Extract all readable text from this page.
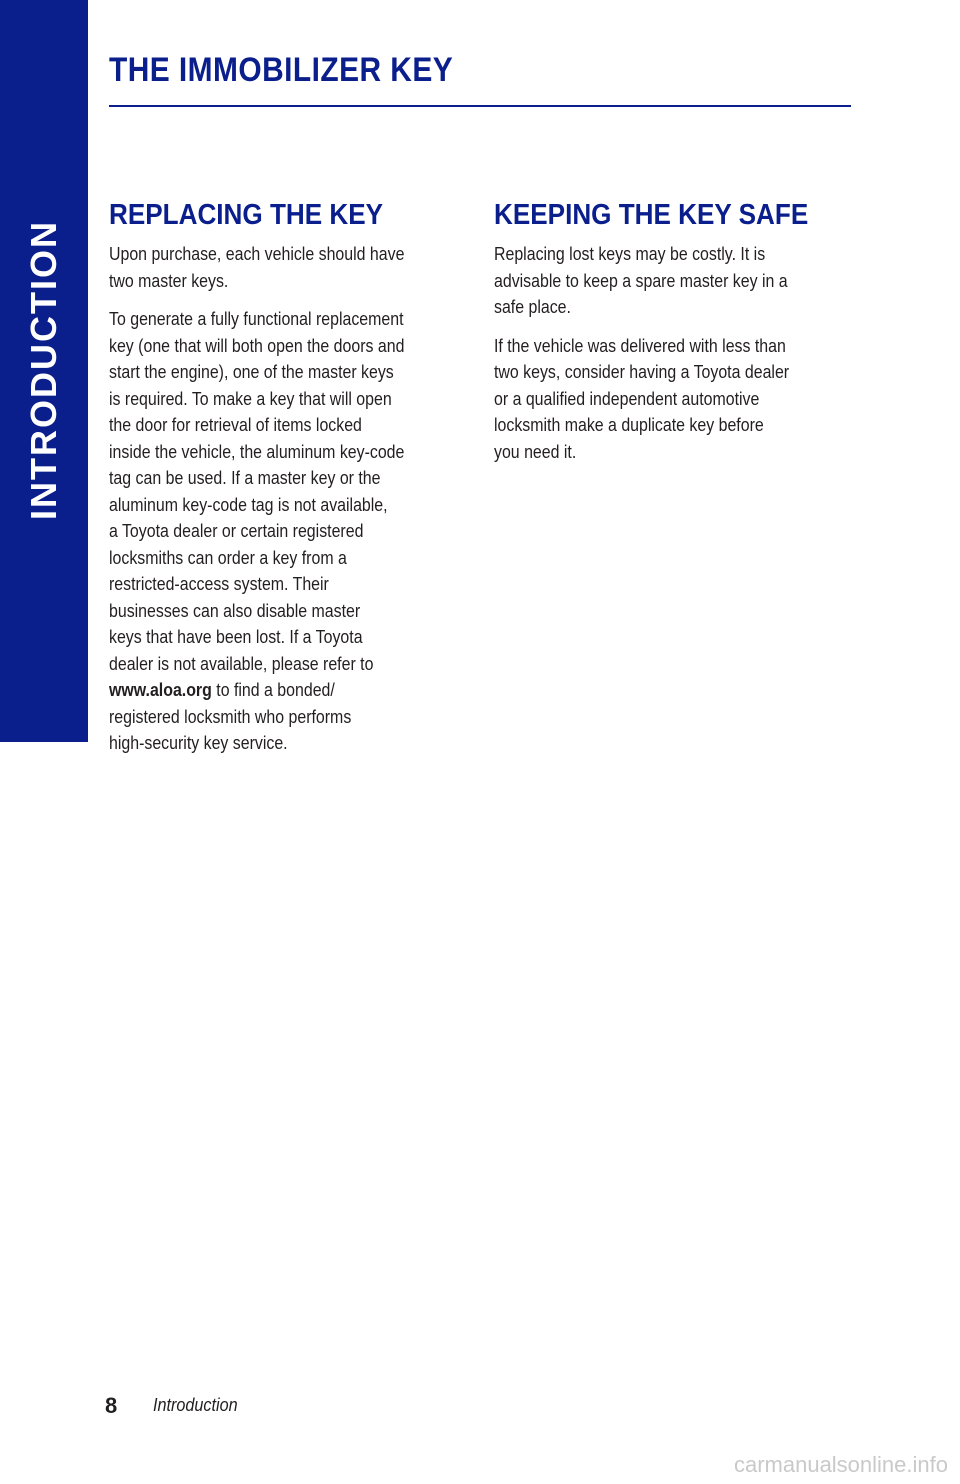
INTRODUCTION
THE IMMOBILIZER KEY
REPLACING THE KEY

Upon purchase, each vehicle should have
two master keys.

To generate a fully functional replacement
key (one that will both open the doors and
start the engine), one of the master keys
is required. To make a key that will open
the door for retrieval of items locked
inside the vehicle, the aluminum key-code
tag can be used. If a master key or the
aluminum key-code tag is not available,
a Toyota dealer or certain registered
locksmiths can order a key from a
restricted-access system. Their
businesses can also disable master
keys that have been lost. If a Toyota
dealer is not available, please refer to
www.aloa.org to find a bonded/
registered locksmith who performs
high-security key service.

KEEPING THE KEY SAFE

Replacing lost keys may be costly. It is
advisable to keep a spare master key in a
safe place.

If the vehicle was delivered with less than
two keys, consider having a Toyota dealer
or a qualified independent automotive
locksmith make a duplicate key before
you need it.

8 Introduction
carmanualsonline.info
